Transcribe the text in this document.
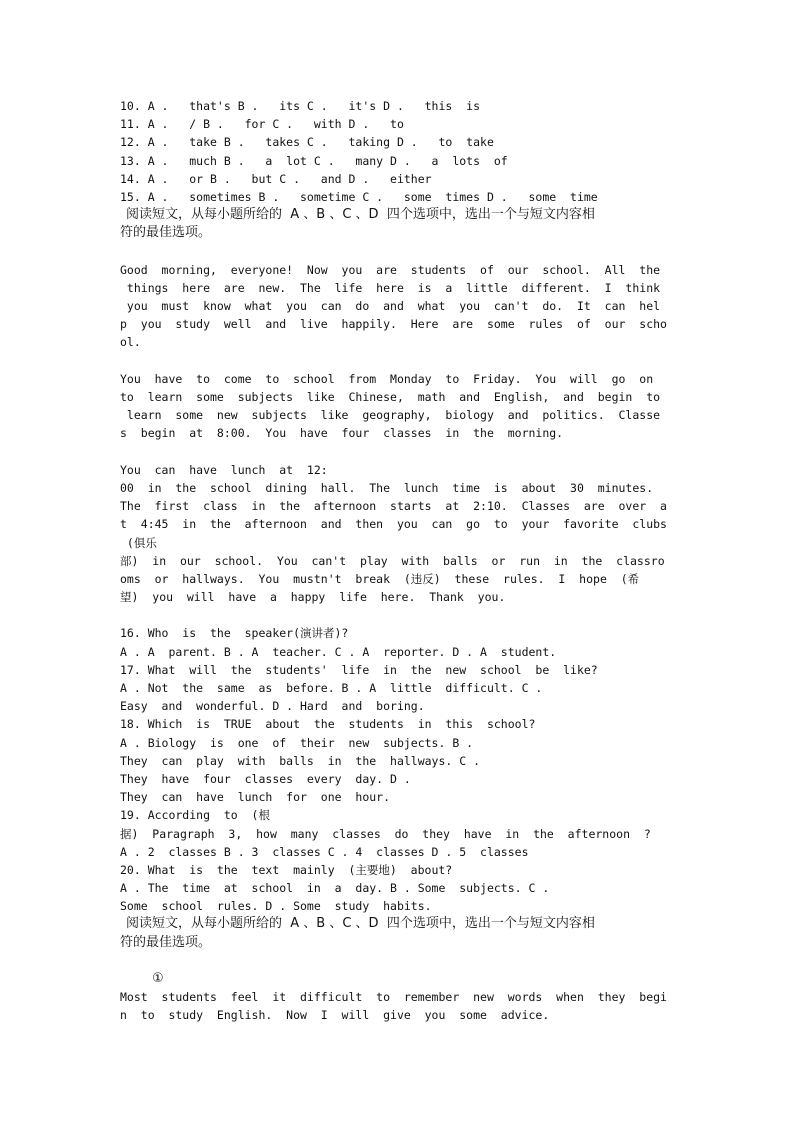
10. A .   that's B .   its C .   it's D .   this  is
11. A .   / B .   for C .   with D .   to
12. A .   take B .   takes C .   taking D .   to  take
13. A .   much B .   a  lot C .   many D .   a  lots  of
14. A .   or B .   but C .   and D .   either
15. A .   sometimes B .   sometime C .   some  times D .   some  time
阅读短文，从每小题所给的  A 、B 、C 、D  四个选项中，选出一个与短文内容相
符的最佳选项。
Good  morning,  everyone!  Now  you  are  students  of  our  school.  All  the
things  here  are  new.  The  life  here  is  a  little  different.  I  think
you  must  know  what  you  can  do  and  what  you  can't  do.  It  can  hel
p  you  study  well  and  live  happily.  Here  are  some  rules  of  our  scho
ol.
You  have  to  come  to  school  from  Monday  to  Friday.  You  will  go  on
to  learn  some  subjects  like  Chinese,  math  and  English,  and  begin  to
learn  some  new  subjects  like  geography,  biology  and  politics.  Classe
s  begin  at  8:00.  You  have  four  classes  in  the  morning.
You  can  have  lunch  at  12:
00  in  the  school  dining  hall.  The  lunch  time  is  about  30  minutes.
The  first  class  in  the  afternoon  starts  at  2:10.  Classes  are  over  a
t  4:45  in  the  afternoon  and  then  you  can  go  to  your  favorite  clubs
(俱乐
部)  in  our  school.  You  can't  play  with  balls  or  run  in  the  classro
oms  or  hallways.  You  mustn't  break  (违反)  these  rules.  I  hope  (希
望)  you  will  have  a  happy  life  here.  Thank  you.
16. Who  is  the  speaker(演讲者)?
A . A  parent. B . A  teacher. C . A  reporter. D . A  student.
17. What  will  the  students'  life  in  the  new  school  be  like?
A . Not  the  same  as  before. B . A  little  difficult. C .
Easy  and  wonderful. D . Hard  and  boring.
18. Which  is  TRUE  about  the  students  in  this  school?
A . Biology  is  one  of  their  new  subjects. B .
They  can  play  with  balls  in  the  hallways. C .
They  have  four  classes  every  day. D .
They  can  have  lunch  for  one  hour.
19. According  to  (根
据)  Paragraph  3,  how  many  classes  do  they  have  in  the  afternoon  ?
A . 2  classes B . 3  classes C . 4  classes D . 5  classes
20. What  is  the  text  mainly  (主要地)  about?
A . The  time  at  school  in  a  day. B . Some  subjects. C .
Some  school  rules. D . Some  study  habits.
阅读短文，从每小题所给的  A 、B 、C 、D  四个选项中，选出一个与短文内容相
符的最佳选项。
①
Most  students  feel  it  difficult  to  remember  new  words  when  they  begi
n  to  study  English.  Now  I  will  give  you  some  advice.
